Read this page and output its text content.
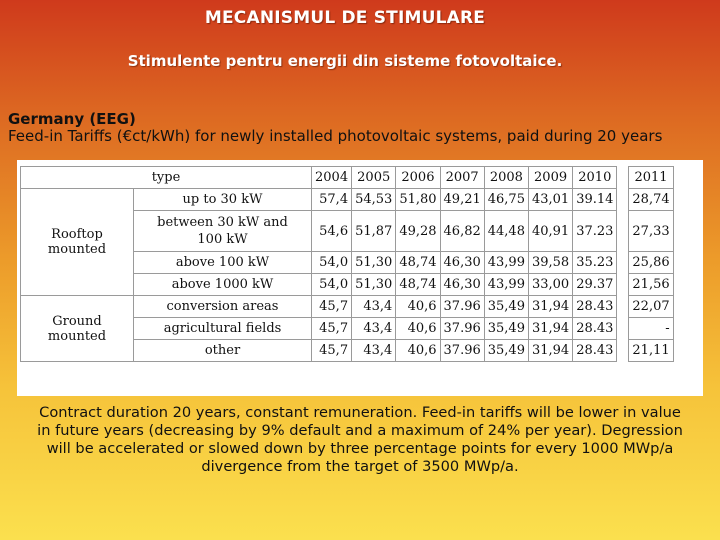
MECANISMUL DE STIMULARE
Stimulente pentru energii din sisteme fotovoltaice.
Germany (EEG)
Feed-in Tariffs (€ct/kWh) for newly installed photovoltaic systems, paid during 20 years
type		2004	2005	2006	2007	2008	2009	2010		2011
Rooftop
mounted	up to 30 kW	57,4	54,53	51,80	49,21	46,75	43,01	39.14		28,74
	between 30 kW and
100 kW	54,6	51,87	49,28	46,82	44,48	40,91	37.23		27,33
	above 100 kW	54,0	51,30	48,74	46,30	43,99	39,58	35.23		25,86
	above 1000 kW	54,0	51,30	48,74	46,30	43,99	33,00	29.37		21,56
Ground
mounted	conversion areas	45,7	43,4	40,6	37.96	35,49	31,94	28.43		22,07
	agricultural fields	45,7	43,4	40,6	37.96	35,49	31,94	28.43		-
	other	45,7	43,4	40,6	37.96	35,49	31,94	28.43		21,11
Contract duration 20 years, constant remuneration. Feed-in tariffs will be lower in value
in future years (decreasing by 9% default and a maximum of 24% per year). Degression
will be accelerated or slowed down by three percentage points for every 1000 MWp/a
divergence from the target of 3500 MWp/a.
